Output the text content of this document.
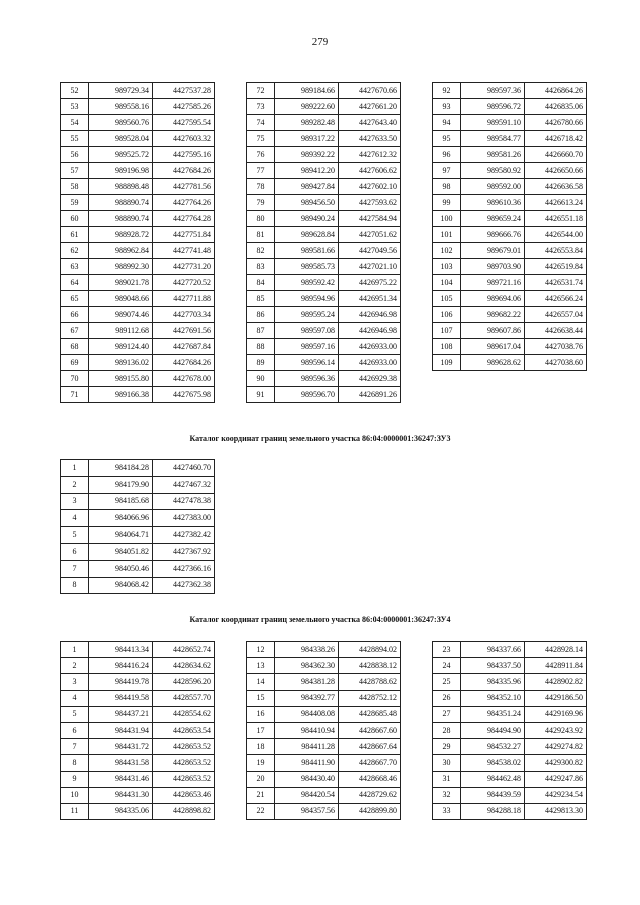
279
52	989729.34	4427537.28
53	989558.16	4427585.26
54	989560.76	4427595.54
55	989528.04	4427603.32
56	989525.72	4427595.16
57	989196.98	4427684.26
58	988898.48	4427781.56
59	988890.74	4427764.26
60	988890.74	4427764.28
61	988928.72	4427751.84
62	988962.84	4427741.48
63	988992.30	4427731.20
64	989021.78	4427720.52
65	989048.66	4427711.88
66	989074.46	4427703.34
67	989112.68	4427691.56
68	989124.40	4427687.84
69	989136.02	4427684.26
70	989155.80	4427678.00
71	989166.38	4427675.98
72	989184.66	4427670.66
73	989222.60	4427661.20
74	989282.48	4427643.40
75	989317.22	4427633.50
76	989392.22	4427612.32
77	989412.20	4427606.62
78	989427.84	4427602.10
79	989456.50	4427593.62
80	989490.24	4427584.94
81	989628.84	4427051.62
82	989581.66	4427049.56
83	989585.73	4427021.10
84	989592.42	4426975.22
85	989594.96	4426951.34
86	989595.24	4426946.98
87	989597.08	4426946.98
88	989597.16	4426933.00
89	989596.14	4426933.00
90	989596.36	4426929.38
91	989596.70	4426891.26
92	989597.36	4426864.26
93	989596.72	4426835.06
94	989591.10	4426780.66
95	989584.77	4426718.42
96	989581.26	4426660.70
97	989580.92	4426650.66
98	989592.00	4426636.58
99	989610.36	4426613.24
100	989659.24	4426551.18
101	989666.76	4426544.00
102	989679.01	4426553.84
103	989703.90	4426519.84
104	989721.16	4426531.74
105	989694.06	4426566.24
106	989682.22	4426557.04
107	989607.86	4426638.44
108	989617.04	4427038.76
109	989628.62	4427038.60
Каталог координат границ земельного участка 86:04:0000001:36247:ЗУ3
1	984184.28	4427460.70
2	984179.90	4427467.32
3	984185.68	4427478.38
4	984066.96	4427383.00
5	984064.71	4427382.42
6	984051.82	4427367.92
7	984050.46	4427366.16
8	984068.42	4427362.38
Каталог координат границ земельного участка 86:04:0000001:36247:ЗУ4
1	984413.34	4428652.74
2	984416.24	4428634.62
3	984419.78	4428596.20
4	984419.58	4428557.70
5	984437.21	4428554.62
6	984431.94	4428653.54
7	984431.72	4428653.52
8	984431.58	4428653.52
9	984431.46	4428653.52
10	984431.30	4428653.46
11	984335.06	4428898.82
12	984338.26	4428894.02
13	984362.30	4428838.12
14	984381.28	4428788.62
15	984392.77	4428752.12
16	984408.08	4428685.48
17	984410.94	4428667.60
18	984411.28	4428667.64
19	984411.90	4428667.70
20	984430.40	4428668.46
21	984420.54	4428729.62
22	984357.56	4428899.80
23	984337.66	4428928.14
24	984337.50	4428911.84
25	984335.96	4428902.82
26	984352.10	4429186.50
27	984351.24	4429169.96
28	984494.90	4429243.92
29	984532.27	4429274.82
30	984538.02	4429300.82
31	984462.48	4429247.86
32	984439.59	4429234.54
33	984288.18	4429813.30
